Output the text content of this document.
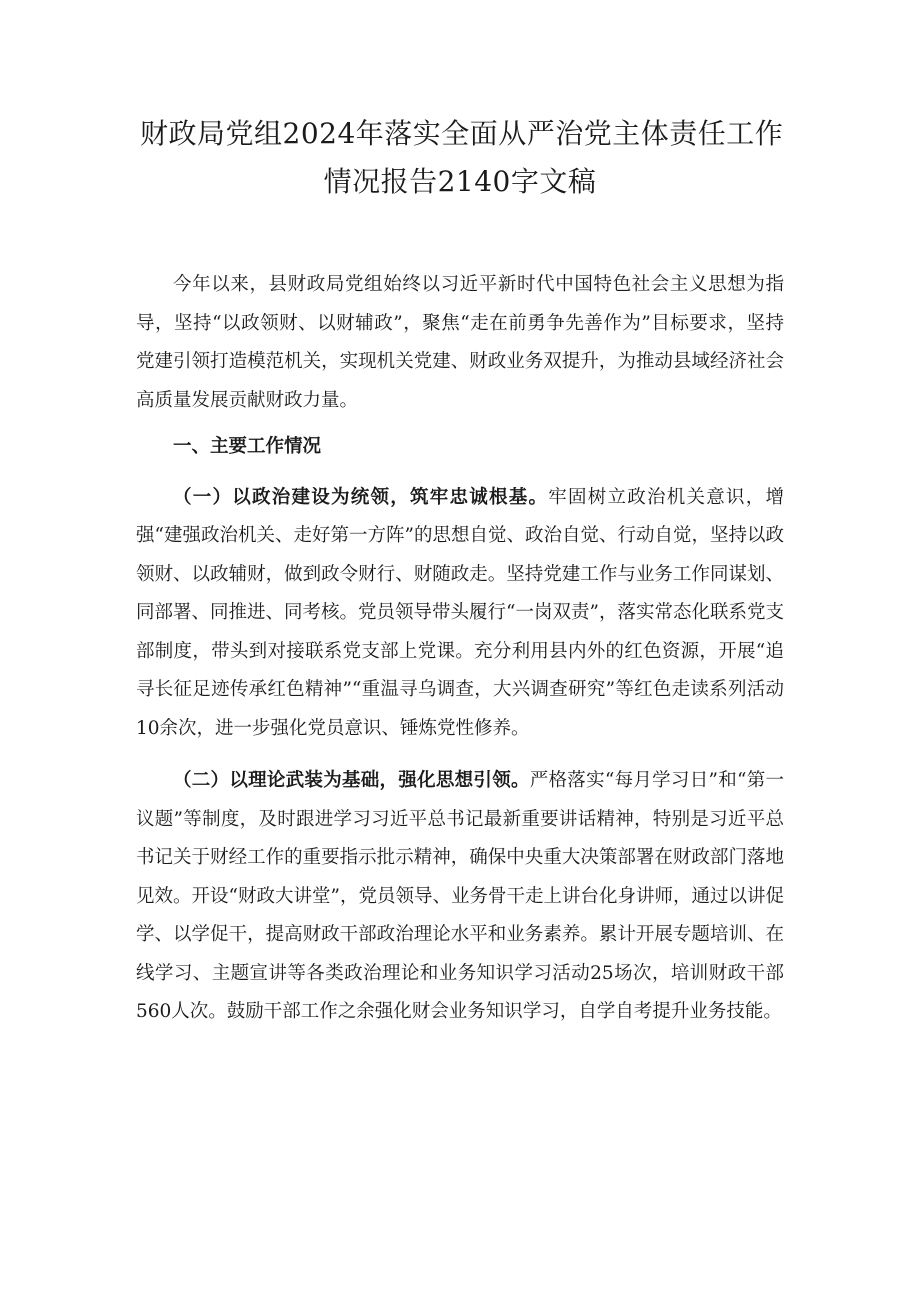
财政局党组2024年落实全面从严治党主体责任工作
情况报告2140字文稿

今年以来，县财政局党组始终以习近平新时代中国特色社会主义思想为指导，坚持“以政领财、以财辅政”，聚焦“走在前勇争先善作为”目标要求，坚持党建引领打造模范机关，实现机关党建、财政业务双提升，为推动县域经济社会高质量发展贡献财政力量。

一、主要工作情况

（一）以政治建设为统领，筑牢忠诚根基。牢固树立政治机关意识，增强“建强政治机关、走好第一方阵”的思想自觉、政治自觉、行动自觉，坚持以政领财、以政辅财，做到政令财行、财随政走。坚持党建工作与业务工作同谋划、同部署、同推进、同考核。党员领导带头履行“一岗双责”，落实常态化联系党支部制度，带头到对接联系党支部上党课。充分利用县内外的红色资源，开展“追寻长征足迹传承红色精神”“重温寻乌调查，大兴调查研究”等红色走读系列活动10余次，进一步强化党员意识、锤炼党性修养。

（二）以理论武装为基础，强化思想引领。严格落实“每月学习日”和“第一议题”等制度，及时跟进学习习近平总书记最新重要讲话精神，特别是习近平总书记关于财经工作的重要指示批示精神，确保中央重大决策部署在财政部门落地见效。开设“财政大讲堂”，党员领导、业务骨干走上讲台化身讲师，通过以讲促学、以学促干，提高财政干部政治理论水平和业务素养。累计开展专题培训、在线学习、主题宣讲等各类政治理论和业务知识学习活动25场次，培训财政干部560人次。鼓励干部工作之余强化财会业务知识学习，自学自考提升业务技能。
